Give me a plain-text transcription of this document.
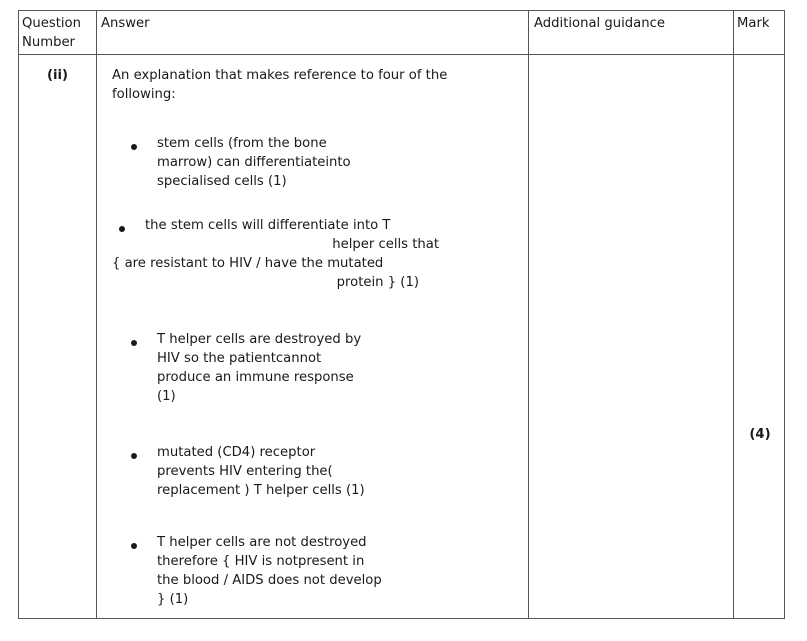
Question
Number
Answer	Additional guidance	Mark
(ii)
(4)
An explanation that makes reference to four of the
following:
stem cells (from the bone
marrow) can differentiateinto
specialised cells (1)
the stem cells will differentiate into T
helper cells that
{ are resistant to HIV / have the mutated
protein } (1)
T helper cells are destroyed by
HIV so the patientcannot
produce an immune response
(1)
mutated (CD4) receptor
prevents HIV entering the(
replacement ) T helper cells (1)
T helper cells are not destroyed
therefore { HIV is notpresent in
the blood / AIDS does not develop
} (1)
